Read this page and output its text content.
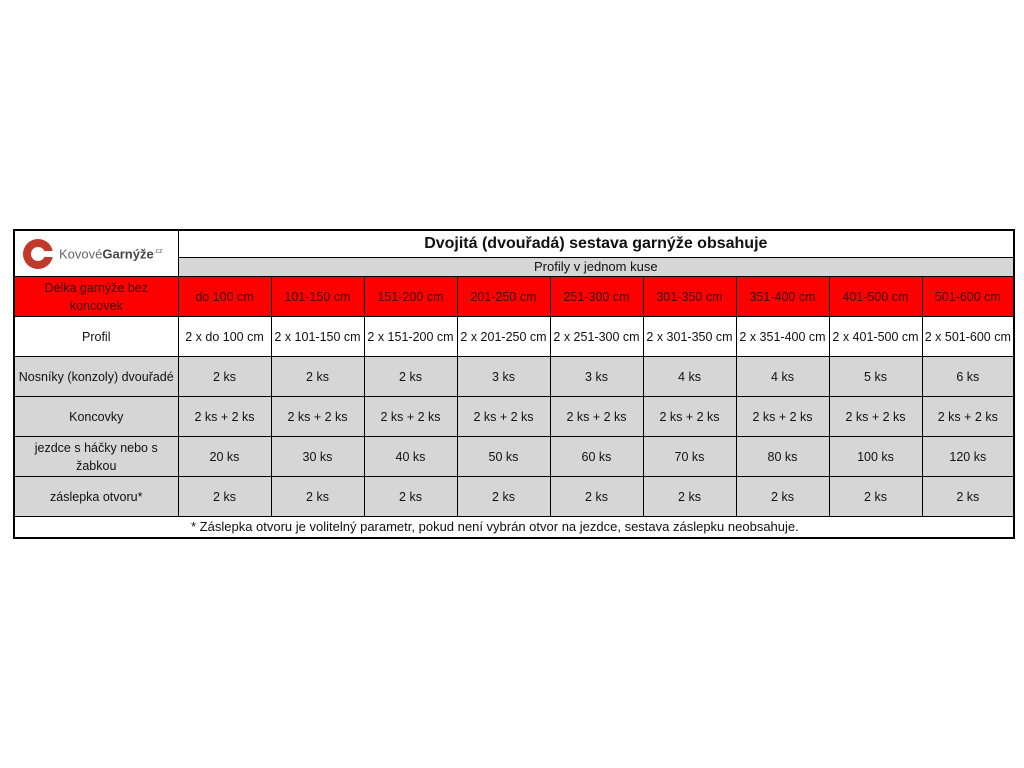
KovovéGarnýže$^{.cz}$	Dvojitá (dvouřadá) sestava garnýže obsahuje								
	Profily v jednom kuse								
Délka garnýže bez koncovek	do 100 cm	101-150 cm	151-200 cm	201-250 cm	251-300 cm	301-350 cm	351-400 cm	401-500 cm	501-600 cm
Profil	2 x do 100 cm	2 x 101-150 cm	2 x 151-200 cm	2 x 201-250 cm	2 x 251-300 cm	2 x 301-350 cm	2 x 351-400 cm	2 x 401-500 cm	2 x 501-600 cm
Nosníky (konzoly) dvouřadé	2 ks	2 ks	2 ks	3 ks	3 ks	4 ks	4 ks	5 ks	6 ks
Koncovky	2 ks + 2 ks	2 ks + 2 ks	2 ks + 2 ks	2 ks + 2 ks	2 ks + 2 ks	2 ks + 2 ks	2 ks + 2 ks	2 ks + 2 ks	2 ks + 2 ks
jezdce s háčky nebo s žabkou	20 ks	30 ks	40 ks	50 ks	60 ks	70 ks	80 ks	100 ks	120 ks
záslepka otvoru*	2 ks	2 ks	2 ks	2 ks	2 ks	2 ks	2 ks	2 ks	2 ks
* Záslepka otvoru je volitelný parametr, pokud není vybrán otvor na jezdce, sestava záslepku neobsahuje.									
